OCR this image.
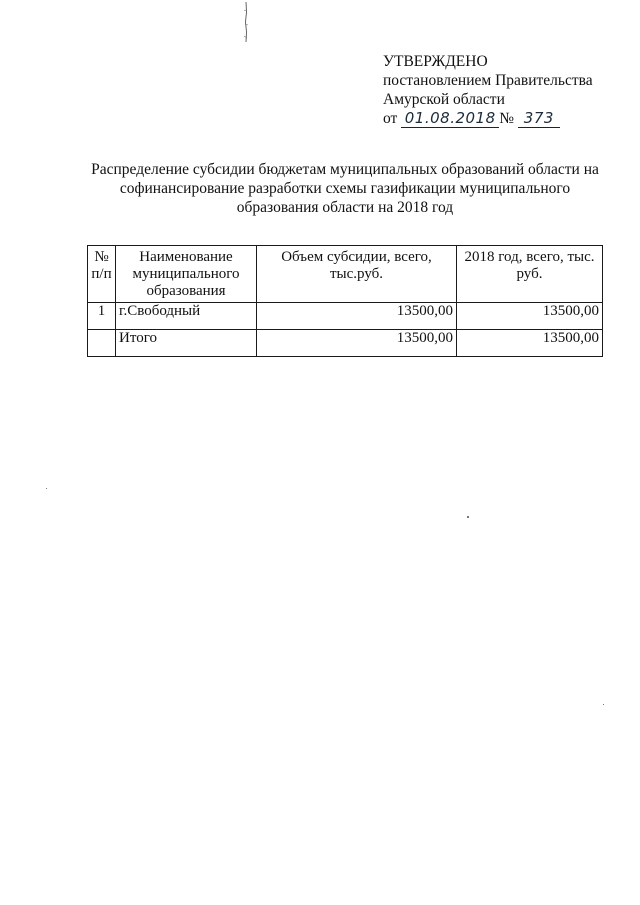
УТВЕРЖДЕНО
постановлением Правительства
Амурской области
от 01.08.2018 № 373
Распределение субсидии бюджетам муниципальных образований области на софинансирование разработки схемы газификации муниципального образования области на 2018 год
№
п/п	Наименование муниципального образования	Объем субсидии, всего, тыс.руб.	2018 год, всего, тыс. руб.
1	г.Свободный	13500,00	13500,00
	Итого	13500,00	13500,00
